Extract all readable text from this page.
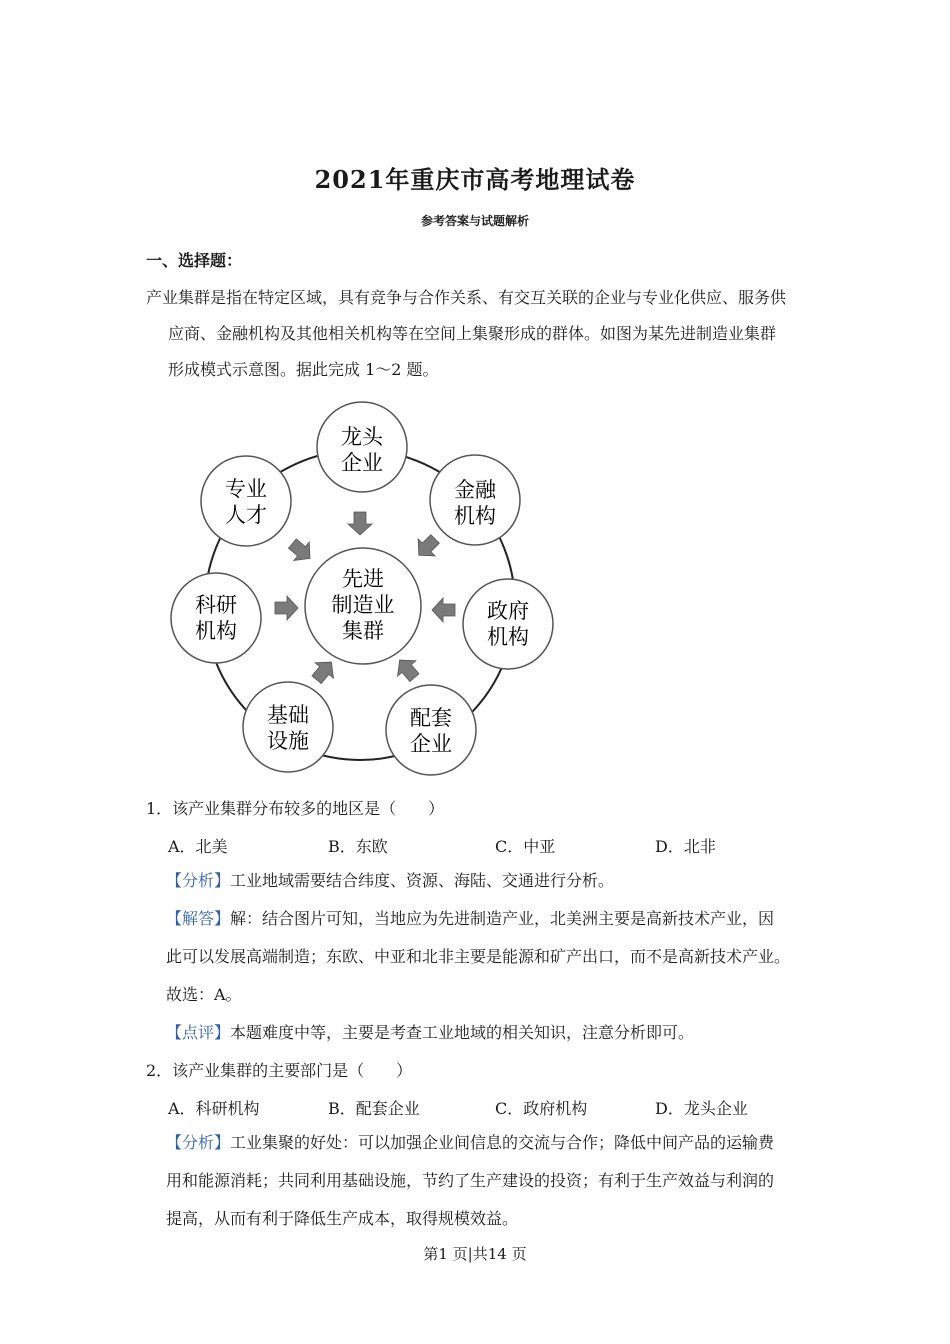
2021年重庆市高考地理试卷
参考答案与试题解析
一、选择题：
产业集群是指在特定区域，具有竞争与合作关系、有交互关联的企业与专业化供应、服务供
应商、金融机构及其他相关机构等在空间上集聚形成的群体。如图为某先进制造业集群
形成模式示意图。据此完成 1～2 题。
先进
制造业
集群
龙头
企业
金融
机构
政府
机构
配套
企业
基础
设施
科研
机构
专业
人才
1．该产业集群分布较多的地区是（　　）
A．北美	B．东欧	C．中亚	D．北非
【分析】工业地域需要结合纬度、资源、海陆、交通进行分析。
【解答】解：结合图片可知，当地应为先进制造产业，北美洲主要是高新技术产业，因
此可以发展高端制造；东欧、中亚和北非主要是能源和矿产出口，而不是高新技术产业。
故选：A。
【点评】本题难度中等，主要是考查工业地域的相关知识，注意分析即可。
2．该产业集群的主要部门是（　　）
A．科研机构	B．配套企业	C．政府机构	D．龙头企业
【分析】工业集聚的好处：可以加强企业间信息的交流与合作；降低中间产品的运输费
用和能源消耗；共同利用基础设施，节约了生产建设的投资；有利于生产效益与利润的
提高，从而有利于降低生产成本，取得规模效益。
第1 页|共14 页
